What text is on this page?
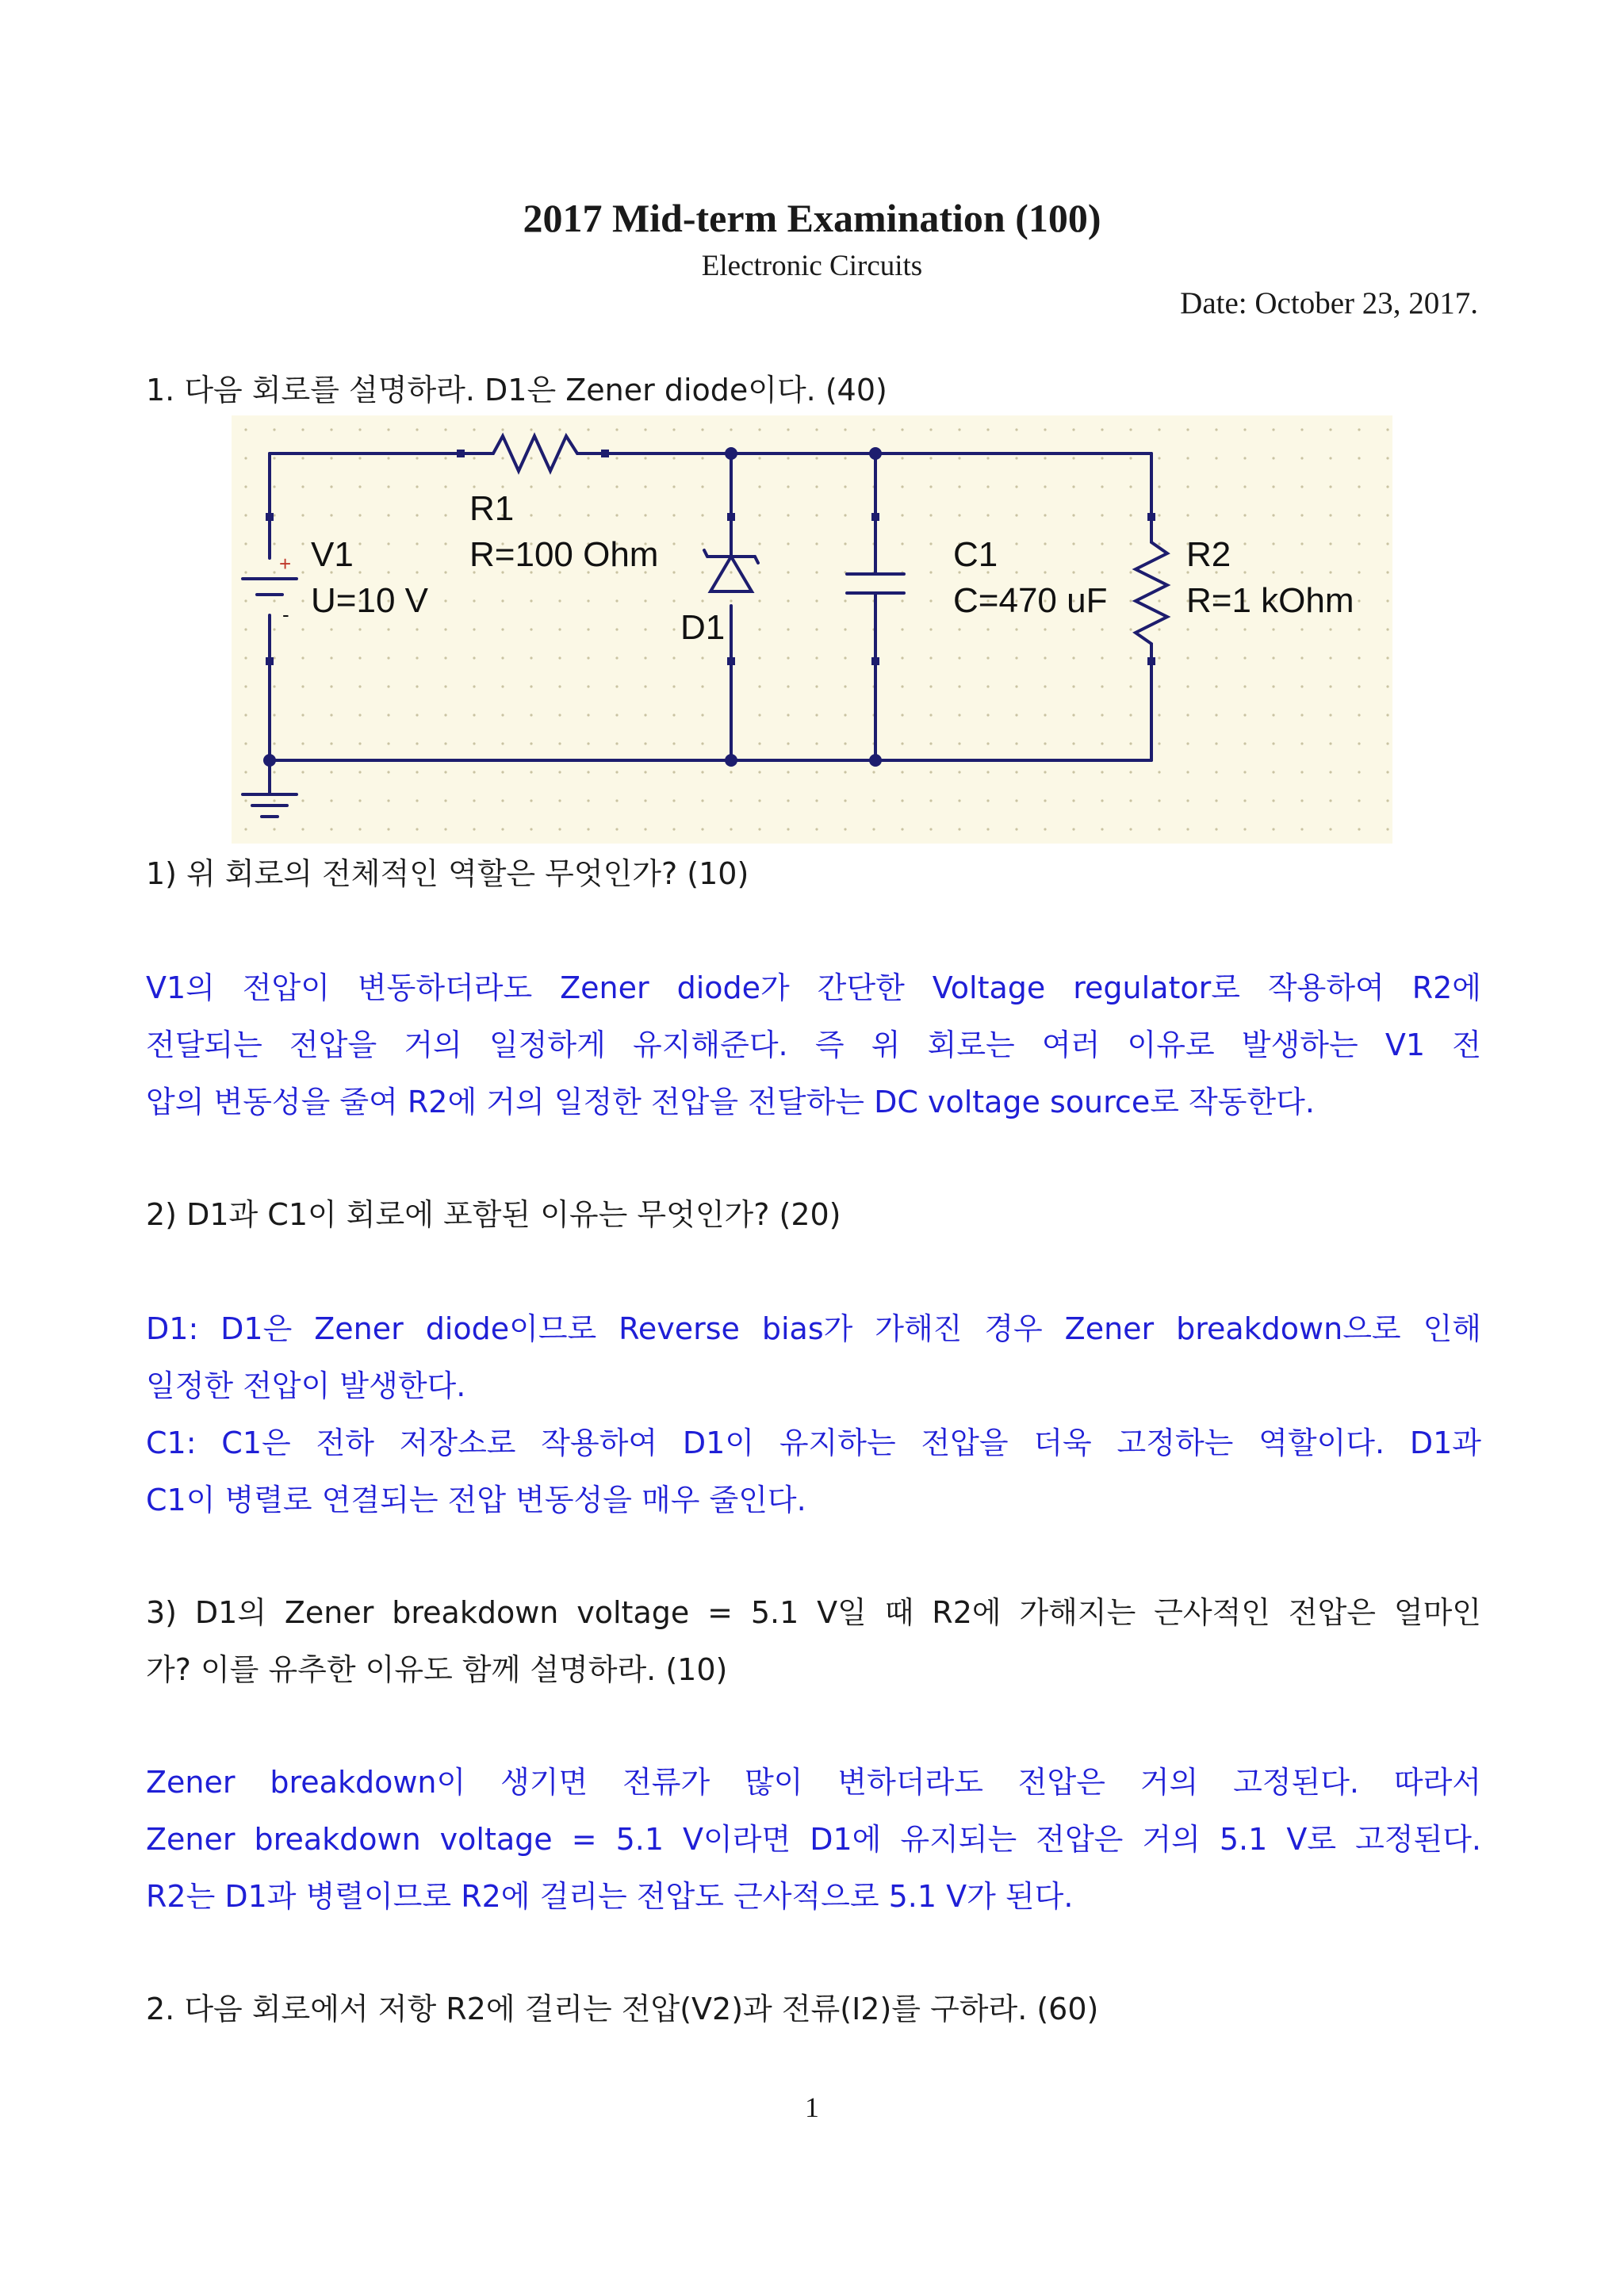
2017 Mid-term Examination (100)
Electronic Circuits
Date: October 23, 2017.
1. 다음 회로를 설명하라. D1은 Zener diode이다. (40)
+
-
V1
U=10 V
R1
R=100 Ohm
D1
C1
C=470 uF
R2
R=1 kOhm
1) 위 회로의 전체적인 역할은 무엇인가? (10)
V1의 전압이 변동하더라도 Zener diode가 간단한 Voltage regulator로 작용하여 R2에
전달되는 전압을 거의 일정하게 유지해준다. 즉 위 회로는 여러 이유로 발생하는 V1 전
압의 변동성을 줄여 R2에 거의 일정한 전압을 전달하는 DC voltage source로 작동한다.
2) D1과 C1이 회로에 포함된 이유는 무엇인가? (20)
D1: D1은 Zener diode이므로 Reverse bias가 가해진 경우 Zener breakdown으로 인해
일정한 전압이 발생한다.
C1: C1은 전하 저장소로 작용하여 D1이 유지하는 전압을 더욱 고정하는 역할이다. D1과
C1이 병렬로 연결되는 전압 변동성을 매우 줄인다.
3) D1의 Zener breakdown voltage = 5.1 V일 때 R2에 가해지는 근사적인 전압은 얼마인
가? 이를 유추한 이유도 함께 설명하라. (10)
Zener breakdown이 생기면 전류가 많이 변하더라도 전압은 거의 고정된다. 따라서
Zener breakdown voltage = 5.1 V이라면 D1에 유지되는 전압은 거의 5.1 V로 고정된다.
R2는 D1과 병렬이므로 R2에 걸리는 전압도 근사적으로 5.1 V가 된다.
2. 다음 회로에서 저항 R2에 걸리는 전압(V2)과 전류(I2)를 구하라. (60)
1
